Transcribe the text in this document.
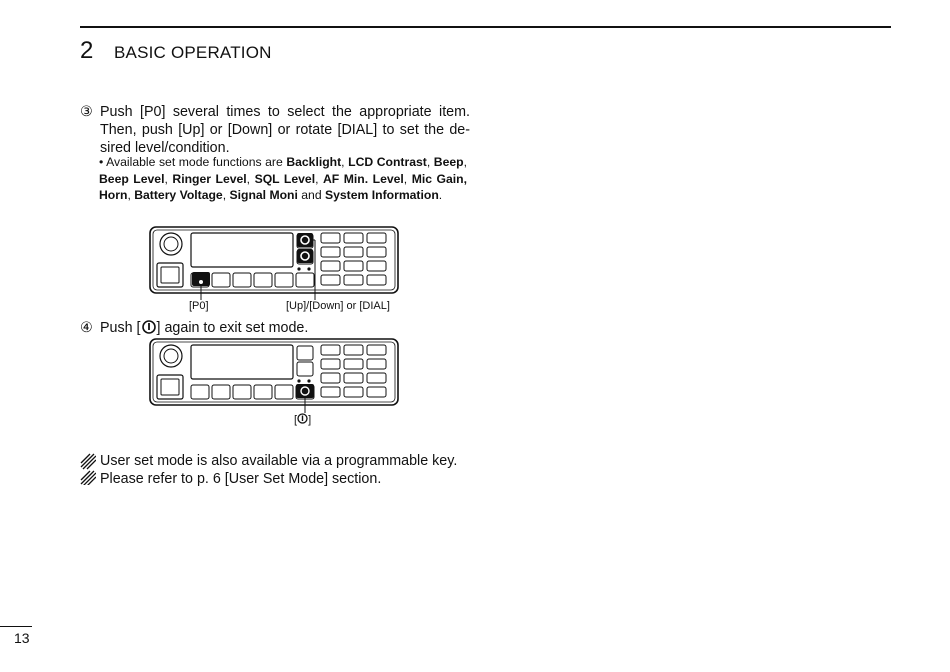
2 BASIC OPERATION
③ Push [P0] several times to select the appropriate item. Then, push [Up] or [Down] or rotate [DIAL] to set the de-sired level/condition.
• Available set mode functions are Backlight, LCD Contrast, Beep, Beep Level, Ringer Level, SQL Level, AF Min. Level, Mic Gain, Horn, Battery Voltage, Signal Moni and System Information.
[P0]	[Up]/[Down] or [DIAL]
④ Push [ ] again to exit set mode.
[ ]
User set mode is also available via a programmable key.
Please refer to p. 6 [User Set Mode] section.
13
